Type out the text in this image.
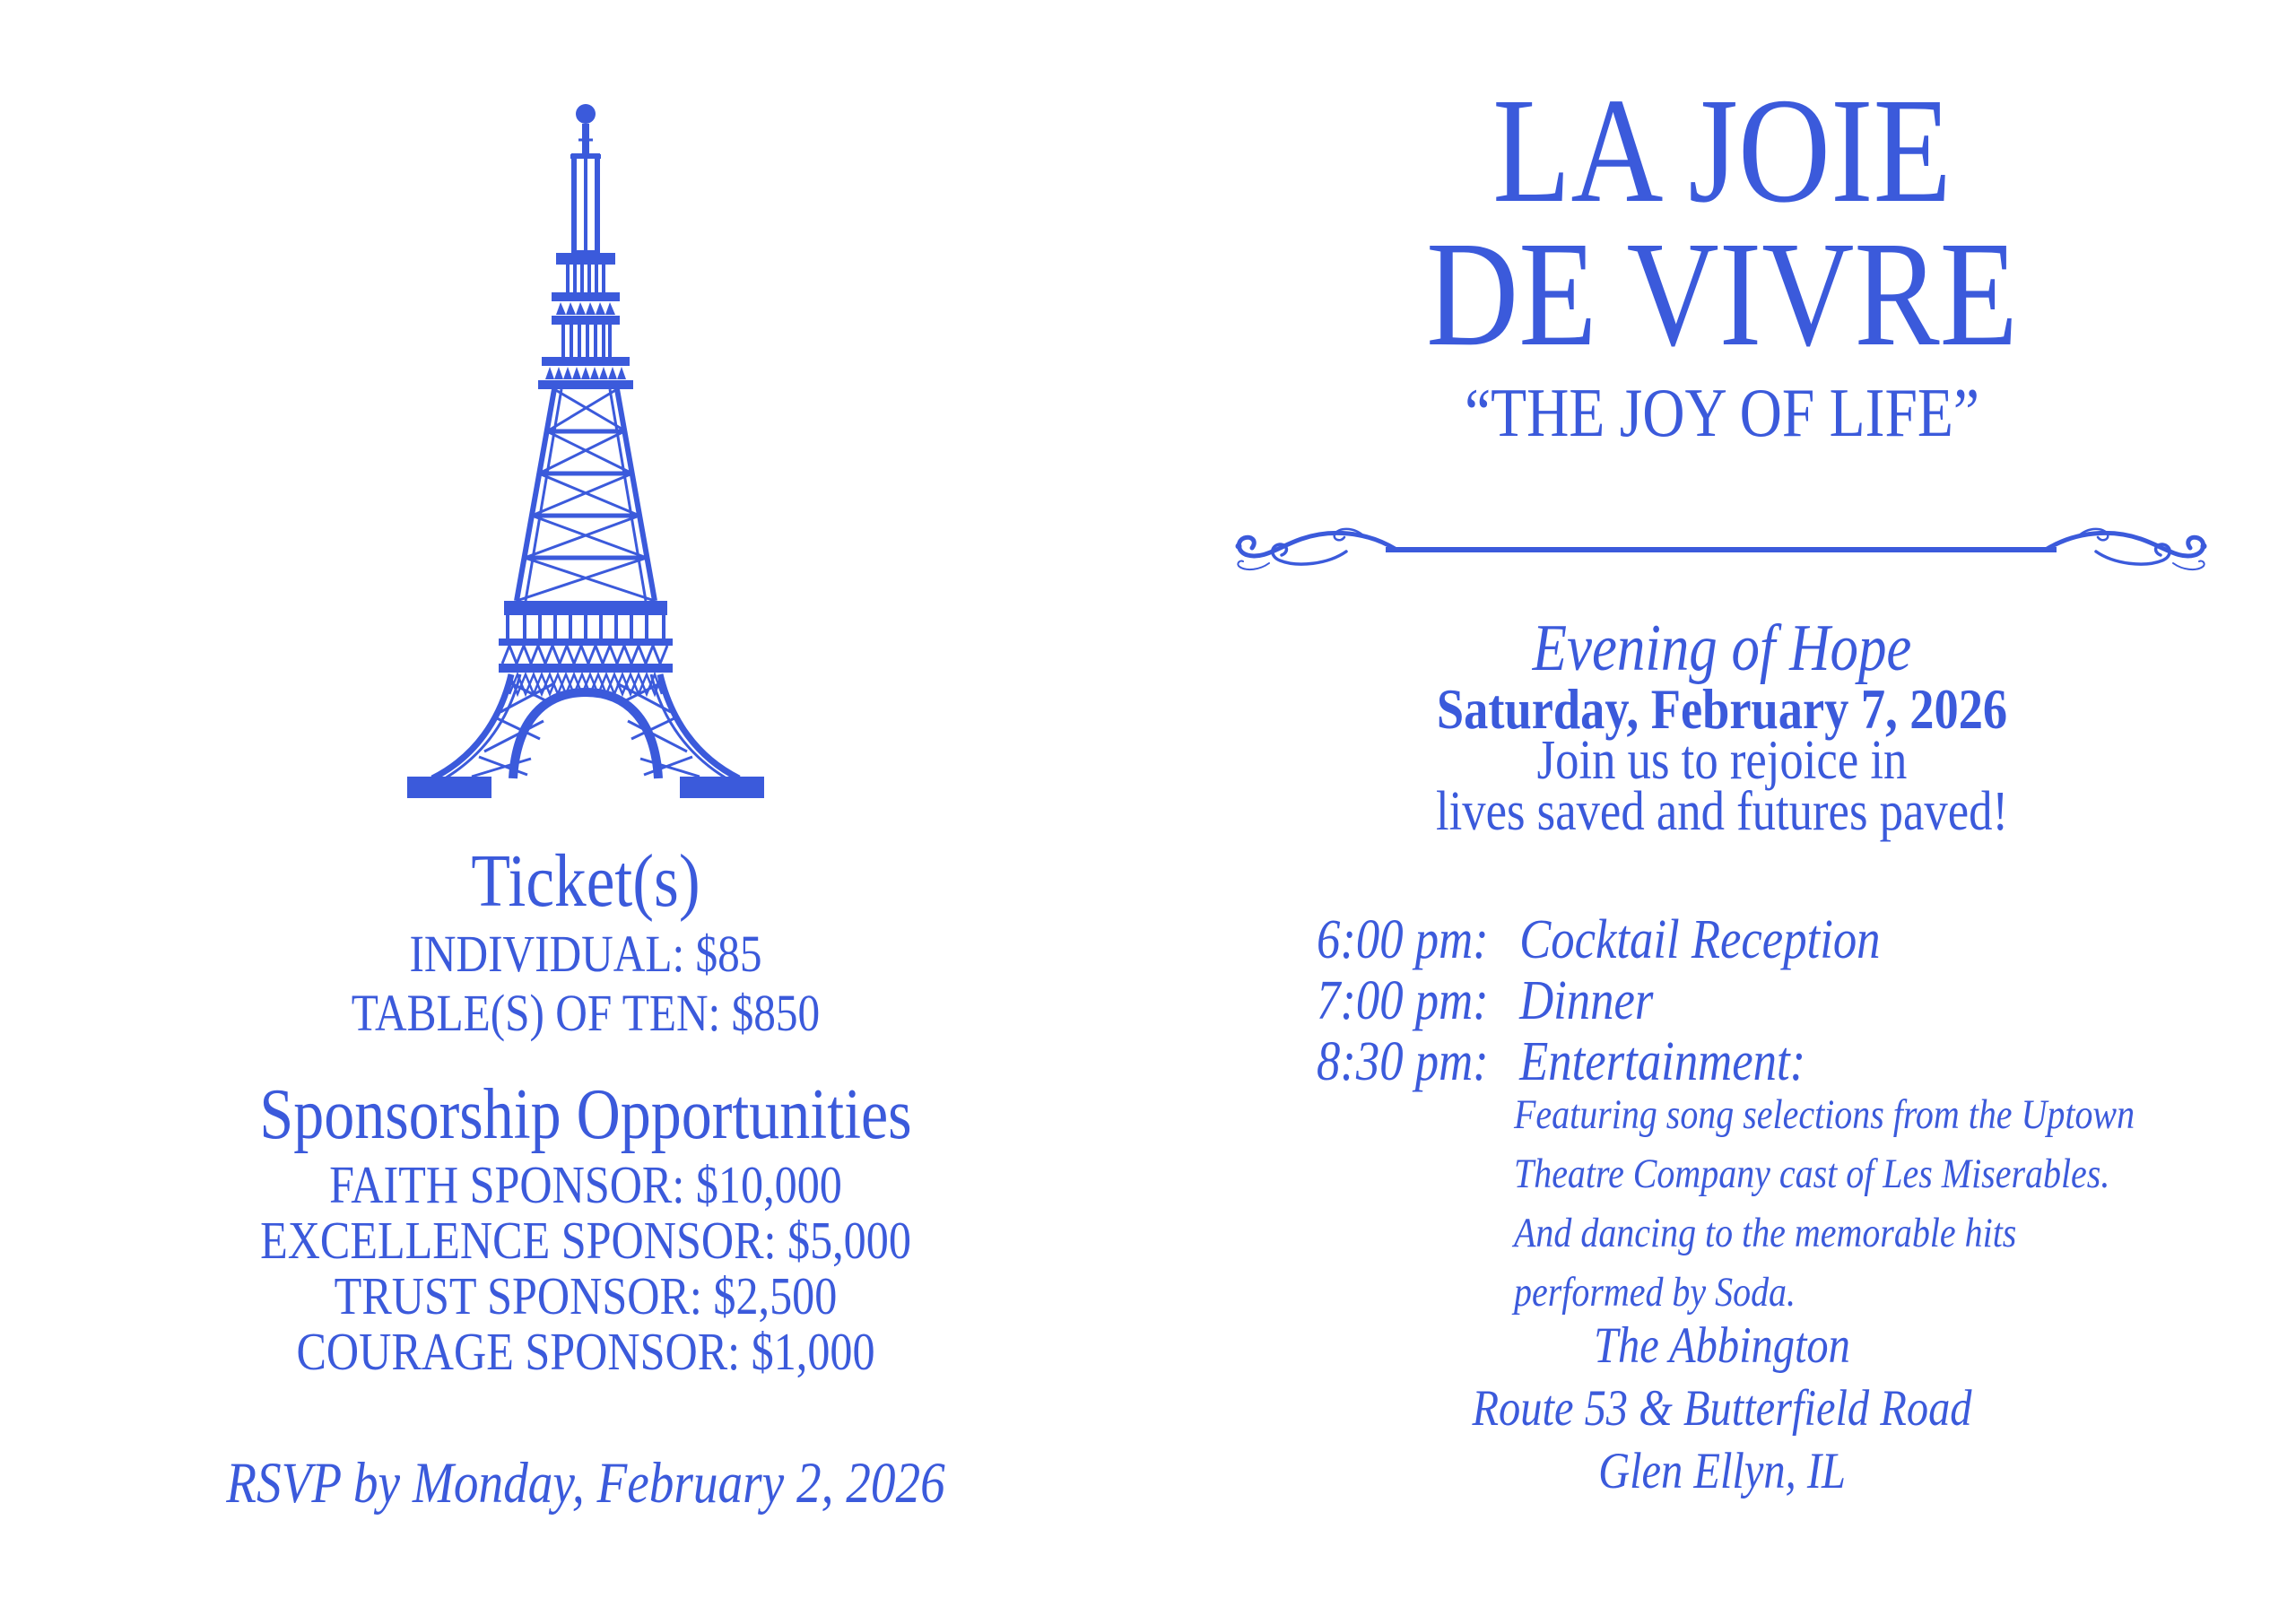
Ticket(s)
INDIVIDUAL: $85
TABLE(S) OF TEN: $850
Sponsorship Opportunities
FAITH SPONSOR: $10,000
EXCELLENCE SPONSOR: $5,000
TRUST SPONSOR: $2,500
COURAGE SPONSOR: $1,000
RSVP by Monday, February 2, 2026
LA JOIE
DE VIVRE
“THE JOY OF LIFE”
Evening of Hope
Saturday, February 7, 2026
Join us to rejoice in
lives saved and futures paved!
6:00 pm: Cocktail Reception
7:00 pm: Dinner
8:30 pm: Entertainment:
Featuring song selections from the Uptown
Theatre Company cast of Les Miserables.
And dancing to the memorable hits
performed by Soda.
The Abbington
Route 53 & Butterfield Road
Glen Ellyn, IL
